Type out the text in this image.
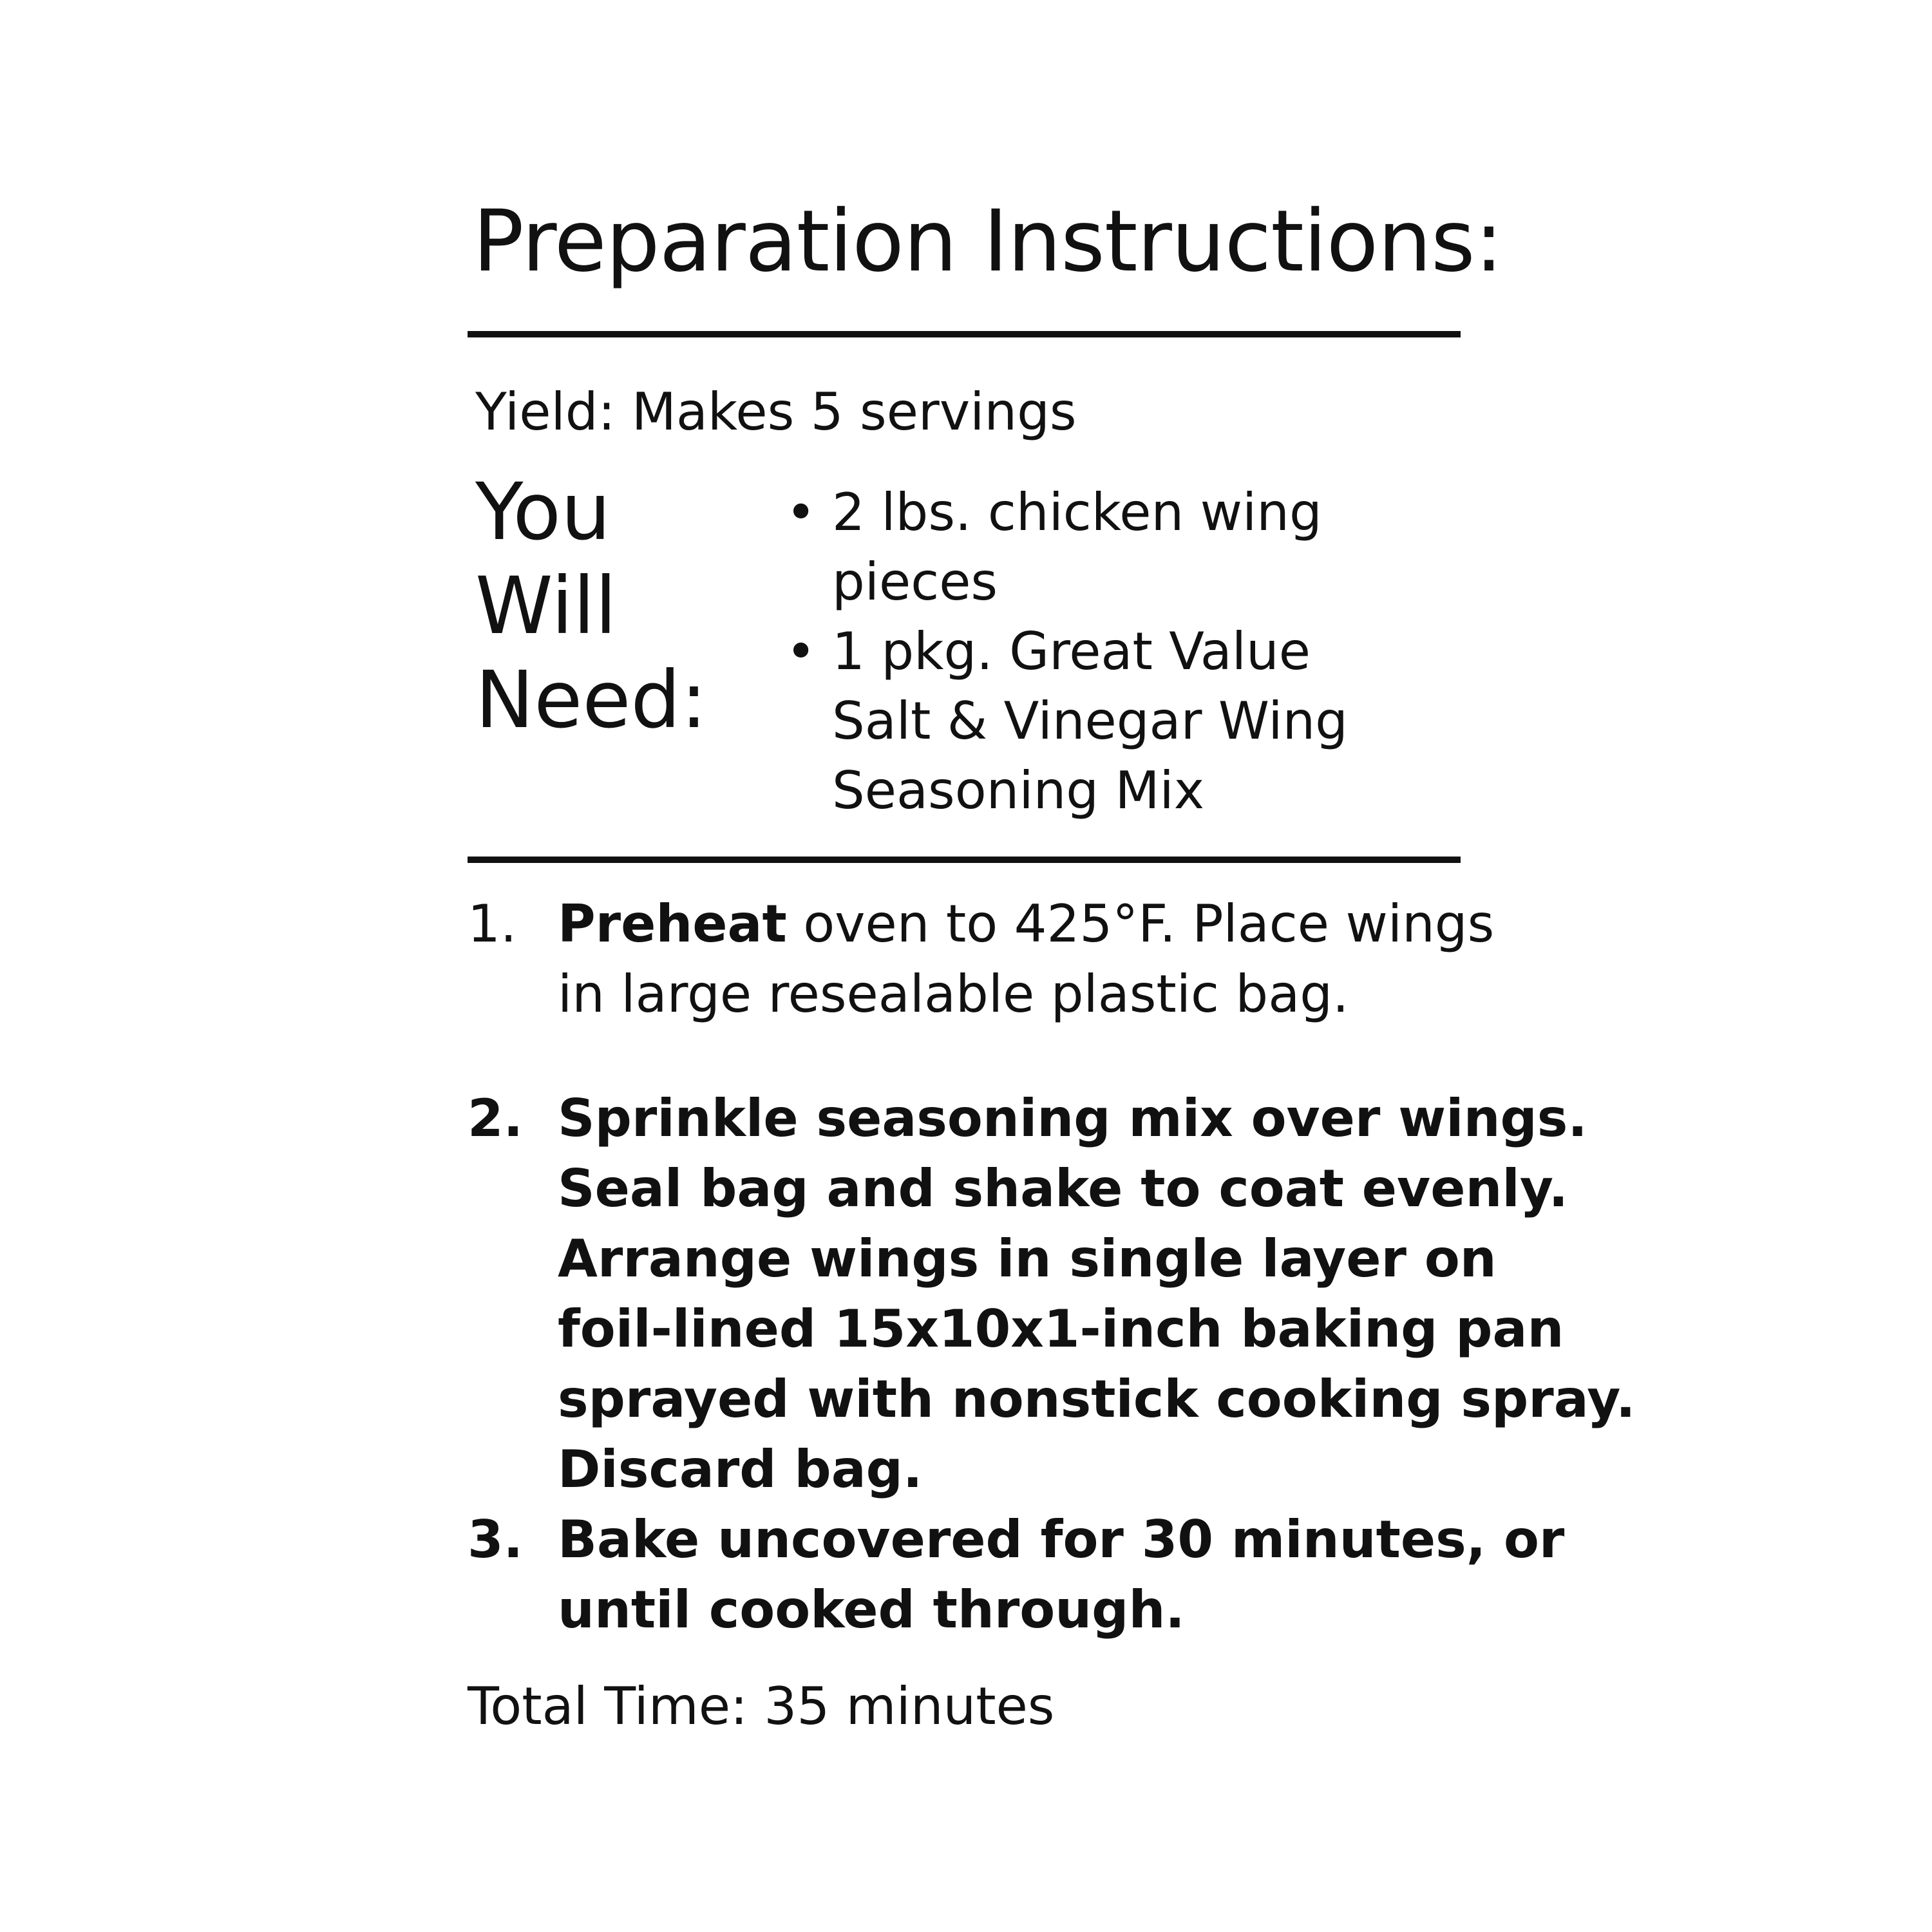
Preparation Instructions:
Yield: Makes 5 servings
You
Will
Need:
• 2 lbs. chicken wing
pieces
• 1 pkg. Great Value
Salt & Vinegar Wing
Seasoning Mix
1. Preheat oven to 425°F. Place wings
in large resealable plastic bag.
2. Sprinkle seasoning mix over wings.
Seal bag and shake to coat evenly.
Arrange wings in single layer on
foil-lined 15x10x1-inch baking pan
sprayed with nonstick cooking spray.
Discard bag.
3. Bake uncovered for 30 minutes, or
until cooked through.
Total Time: 35 minutes
